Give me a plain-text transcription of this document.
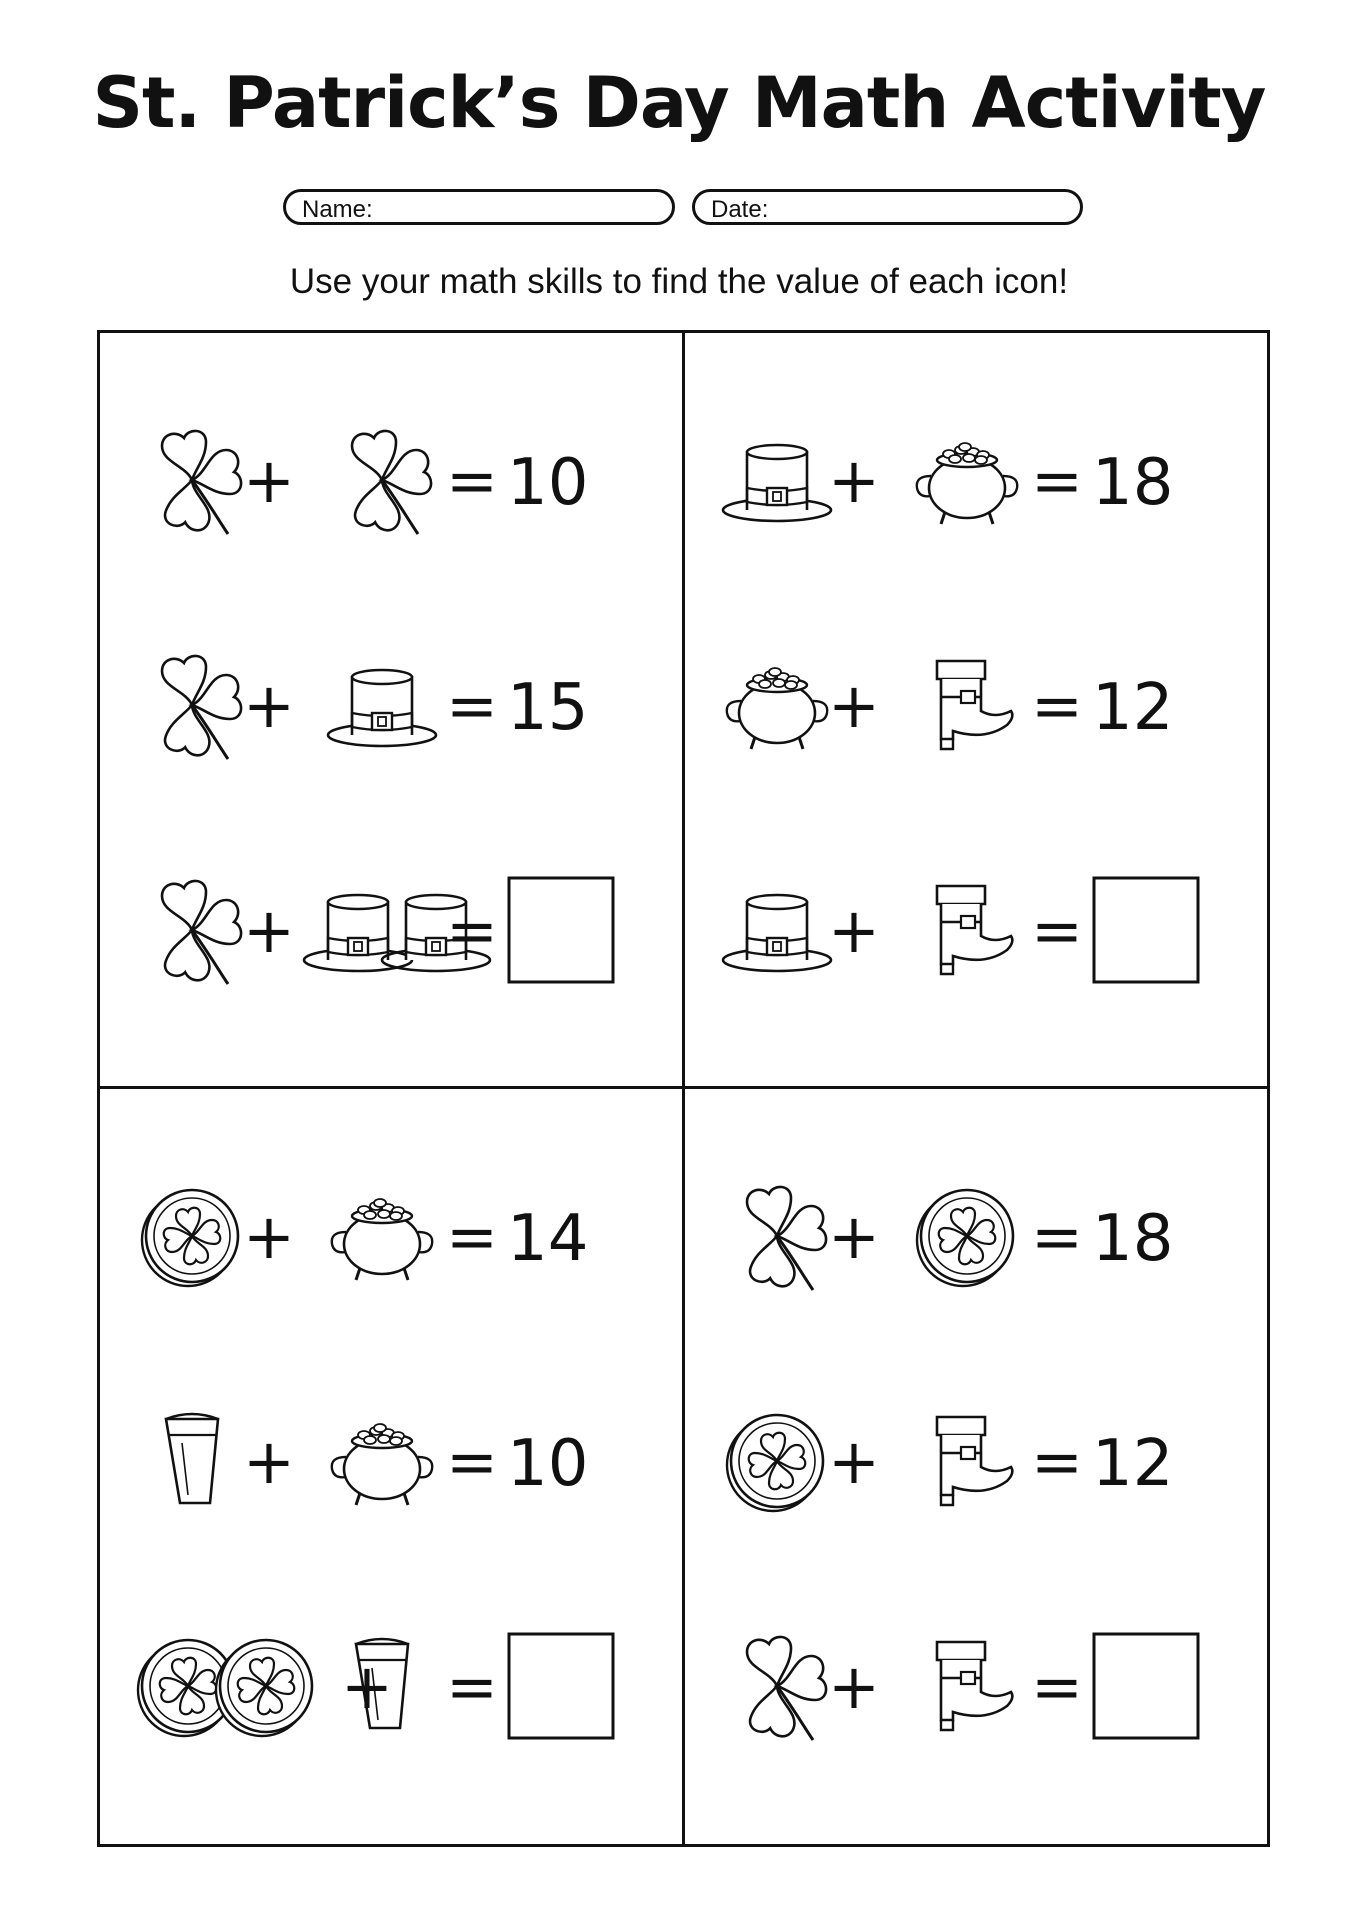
St. Patrick’s Day Math Activity
Name:	Date:
Use your math skills to find the value of each icon!
+ = 10
+ = 15
+ =
+ = 18
+ = 12
+ =
+ = 14
+ = 10
+ =
+ = 18
+ = 12
+ =
